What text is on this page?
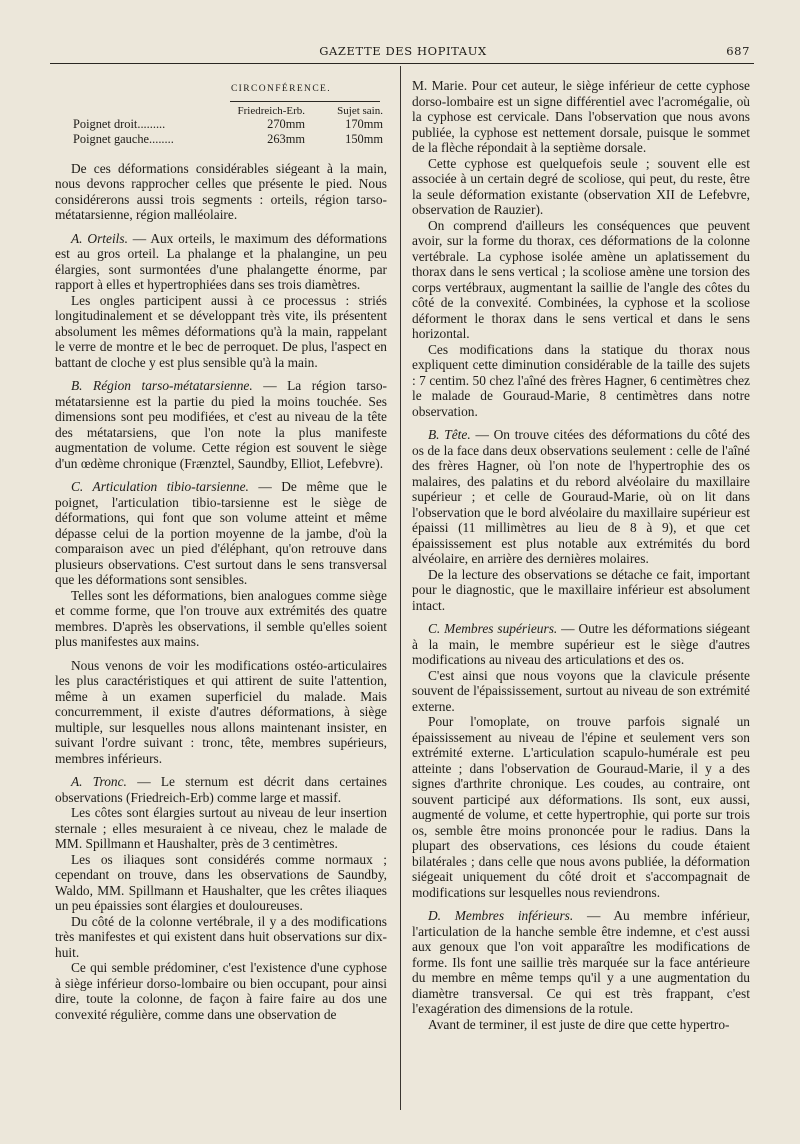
GAZETTE DES HOPITAUX	687
CIRCONFÉRENCE.
Friedreich-Erb.	Sujet sain.
Poignet droit.........	270mm	170mm
Poignet gauche........	263mm	150mm

De ces déformations considérables siégeant à la main, nous devons rapprocher celles que présente le pied. Nous considérerons aussi trois segments : orteils, région tarso-métatarsienne, région malléolaire.

A. Orteils. — Aux orteils, le maximum des déformations est au gros orteil. La phalange et la phalangine, un peu élargies, sont surmontées d'une phalangette énorme, par rapport à elles et hypertrophiées dans ses trois diamètres.

Les ongles participent aussi à ce processus : striés longitudinalement et se développant très vite, ils présentent absolument les mêmes déformations qu'à la main, rappelant le verre de montre et le bec de perroquet. De plus, l'aspect en battant de cloche y est plus sensible qu'à la main.

B. Région tarso-métatarsienne. — La région tarso-métatarsienne est la partie du pied la moins touchée. Ses dimensions sont peu modifiées, et c'est au niveau de la tête des métatarsiens, que l'on note la plus manifeste augmentation de volume. Cette région est souvent le siège d'un œdème chronique (Frænztel, Saundby, Elliot, Lefebvre).

C. Articulation tibio-tarsienne. — De même que le poignet, l'articulation tibio-tarsienne est le siège de déformations, qui font que son volume atteint et même dépasse celui de la portion moyenne de la jambe, d'où la comparaison avec un pied d'éléphant, qu'on retrouve dans plusieurs observations. C'est surtout dans le sens transversal que les déformations sont sensibles.

Telles sont les déformations, bien analogues comme siège et comme forme, que l'on trouve aux extrémités des quatre membres. D'après les observations, il semble qu'elles soient plus manifestes aux mains.

Nous venons de voir les modifications ostéo-articulaires les plus caractéristiques et qui attirent de suite l'attention, même à un examen superficiel du malade. Mais concurremment, il existe d'autres déformations, à siège multiple, sur lesquelles nous allons maintenant insister, en suivant l'ordre suivant : tronc, tête, membres supérieurs, membres inférieurs.

A. Tronc. — Le sternum est décrit dans certaines observations (Friedreich-Erb) comme large et massif.

Les côtes sont élargies surtout au niveau de leur insertion sternale ; elles mesuraient à ce niveau, chez le malade de MM. Spillmann et Haushalter, près de 3 centimètres.

Les os iliaques sont considérés comme normaux ; cependant on trouve, dans les observations de Saundby, Waldo, MM. Spillmann et Haushalter, que les crêtes iliaques un peu épaissies sont élargies et douloureuses.

Du côté de la colonne vertébrale, il y a des modifications très manifestes et qui existent dans huit observations sur dix-huit.

Ce qui semble prédominer, c'est l'existence d'une cyphose à siège inférieur dorso-lombaire ou bien occupant, pour ainsi dire, toute la colonne, de façon à faire faire au dos une convexité régulière, comme dans une observation de

M. Marie. Pour cet auteur, le siège inférieur de cette cyphose dorso-lombaire est un signe différentiel avec l'acromégalie, où la cyphose est cervicale. Dans l'observation que nous avons publiée, la cyphose est nettement dorsale, puisque le sommet de la flèche répondait à la septième dorsale.

Cette cyphose est quelquefois seule ; souvent elle est associée à un certain degré de scoliose, qui peut, du reste, être la seule déformation existante (observation XII de Lefebvre, observation de Rauzier).

On comprend d'ailleurs les conséquences que peuvent avoir, sur la forme du thorax, ces déformations de la colonne vertébrale. La cyphose isolée amène un aplatissement du thorax dans le sens vertical ; la scoliose amène une torsion des corps vertébraux, augmentant la saillie de l'angle des côtes du côté de la convexité. Combinées, la cyphose et la scoliose déforment le thorax dans le sens vertical et dans le sens horizontal.

Ces modifications dans la statique du thorax nous expliquent cette diminution considérable de la taille des sujets : 7 centim. 50 chez l'aîné des frères Hagner, 6 centimètres chez le malade de Gouraud-Marie, 8 centimètres dans notre observation.

B. Tête. — On trouve citées des déformations du côté des os de la face dans deux observations seulement : celle de l'aîné des frères Hagner, où l'on note de l'hypertrophie des os malaires, des palatins et du rebord alvéolaire du maxillaire supérieur ; et celle de Gouraud-Marie, où on lit dans l'observation que le bord alvéolaire du maxillaire supérieur est épaissi (11 millimètres au lieu de 8 à 9), et que cet épaississement est plus notable aux extrémités du bord alvéolaire, en arrière des dernières molaires.

De la lecture des observations se détache ce fait, important pour le diagnostic, que le maxillaire inférieur est absolument intact.

C. Membres supérieurs. — Outre les déformations siégeant à la main, le membre supérieur est le siège d'autres modifications au niveau des articulations et des os.

C'est ainsi que nous voyons que la clavicule présente souvent de l'épaississement, surtout au niveau de son extrémité externe.

Pour l'omoplate, on trouve parfois signalé un épaississement au niveau de l'épine et seulement vers son extrémité externe. L'articulation scapulo-humérale est peu atteinte ; dans l'observation de Gouraud-Marie, il y a des signes d'arthrite chronique. Les coudes, au contraire, ont souvent participé aux déformations. Ils sont, eux aussi, augmenté de volume, et cette hypertrophie, qui porte sur trois os, semble être moins prononcée pour le radius. Dans la plupart des observations, ces lésions du coude étaient bilatérales ; dans celle que nous avons publiée, la déformation siégeait uniquement du côté droit et s'accompagnait de modifications sur lesquelles nous reviendrons.

D. Membres inférieurs. — Au membre inférieur, l'articulation de la hanche semble être indemne, et c'est aussi aux genoux que l'on voit apparaître les modifications de forme. Ils font une saillie très marquée sur la face antérieure du membre en même temps qu'il y a une augmentation du diamètre transversal. Ce qui est très frappant, c'est l'exagération des dimensions de la rotule.

Avant de terminer, il est juste de dire que cette hypertro-
